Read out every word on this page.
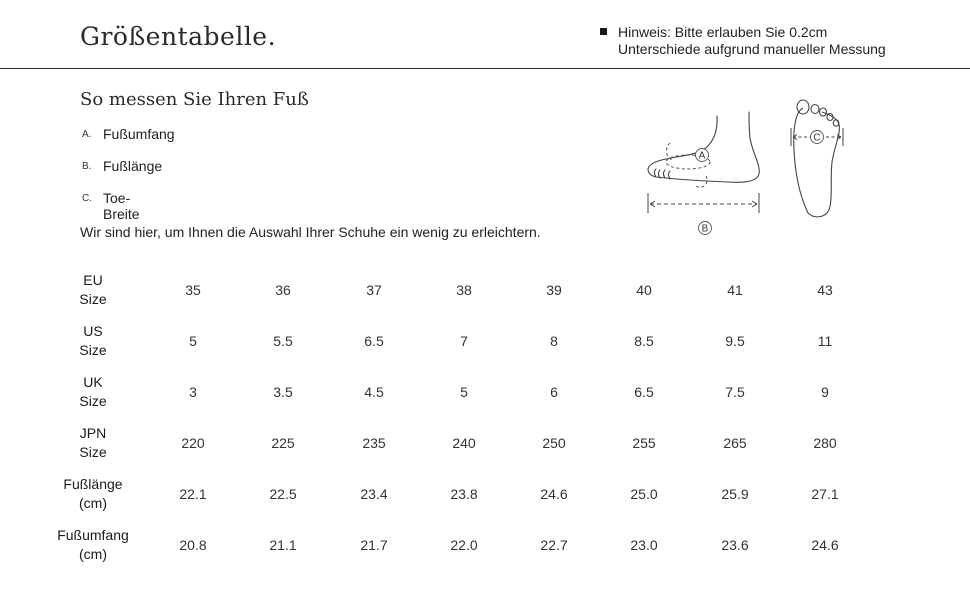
Größentabelle.	Hinweis: Bitte erlauben Sie 0.2cm
Unterschiede aufgrund manueller Messung
So messen Sie Ihren Fuß
A. Fußumfang
B. Fußlänge
C. Toe-Breite
Wir sind hier, um Ihnen die Auswahl Ihrer Schuhe ein wenig zu erleichtern.
A
B
C
EU
Size
35	36	37	38	39	40	41	43
US
Size
5	5.5	6.5	7	8	8.5	9.5	11
UK
Size
3	3.5	4.5	5	6	6.5	7.5	9
JPN
Size
220	225	235	240	250	255	265	280
Fußlänge
(cm)
22.1	22.5	23.4	23.8	24.6	25.0	25.9	27.1
Fußumfang
(cm)
20.8	21.1	21.7	22.0	22.7	23.0	23.6	24.6
